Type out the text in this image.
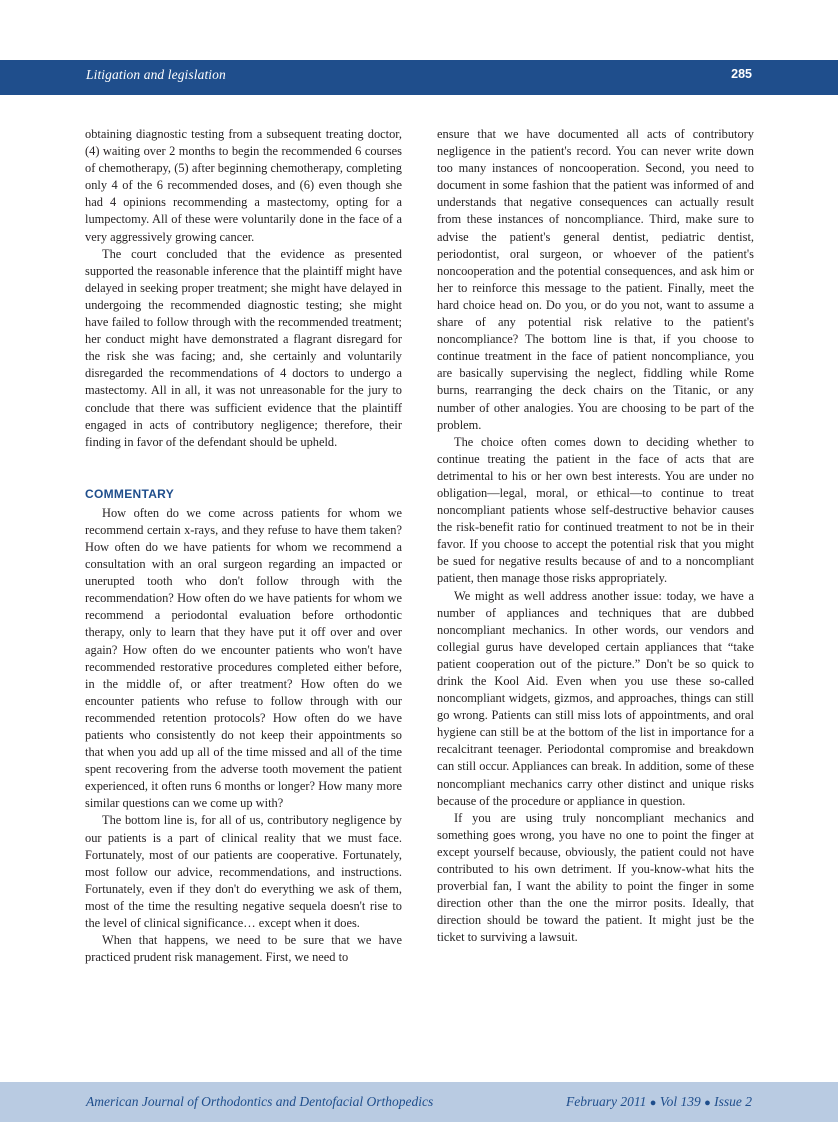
Litigation and legislation	285

obtaining diagnostic testing from a subsequent treating doctor, (4) waiting over 2 months to begin the recommended 6 courses of chemotherapy, (5) after beginning chemotherapy, completing only 4 of the 6 recommended doses, and (6) even though she had 4 opinions recommending a mastectomy, opting for a lumpectomy. All of these were voluntarily done in the face of a very aggressively growing cancer.

The court concluded that the evidence as presented supported the reasonable inference that the plaintiff might have delayed in seeking proper treatment; she might have delayed in undergoing the recommended diagnostic testing; she might have failed to follow through with the recommended treatment; her conduct might have demonstrated a flagrant disregard for the risk she was facing; and, she certainly and voluntarily disregarded the recommendations of 4 doctors to undergo a mastectomy. All in all, it was not unreasonable for the jury to conclude that there was sufficient evidence that the plaintiff engaged in acts of contributory negligence; therefore, their finding in favor of the defendant should be upheld.

COMMENTARY

How often do we come across patients for whom we recommend certain x-rays, and they refuse to have them taken? How often do we have patients for whom we recommend a consultation with an oral surgeon regarding an impacted or unerupted tooth who don't follow through with the recommendation? How often do we have patients for whom we recommend a periodontal evaluation before orthodontic therapy, only to learn that they have put it off over and over again? How often do we encounter patients who won't have recommended restorative procedures completed either before, in the middle of, or after treatment? How often do we encounter patients who refuse to follow through with our recommended retention protocols? How often do we have patients who consistently do not keep their appointments so that when you add up all of the time missed and all of the time spent recovering from the adverse tooth movement the patient experienced, it often runs 6 months or longer? How many more similar questions can we come up with?

The bottom line is, for all of us, contributory negligence by our patients is a part of clinical reality that we must face. Fortunately, most of our patients are cooperative. Fortunately, most follow our advice, recommendations, and instructions. Fortunately, even if they don't do everything we ask of them, most of the time the resulting negative sequela doesn't rise to the level of clinical significance… except when it does.

When that happens, we need to be sure that we have practiced prudent risk management. First, we need to

ensure that we have documented all acts of contributory negligence in the patient's record. You can never write down too many instances of noncooperation. Second, you need to document in some fashion that the patient was informed of and understands that negative consequences can actually result from these instances of noncompliance. Third, make sure to advise the patient's general dentist, pediatric dentist, periodontist, oral surgeon, or whoever of the patient's noncooperation and the potential consequences, and ask him or her to reinforce this message to the patient. Finally, meet the hard choice head on. Do you, or do you not, want to assume a share of any potential risk relative to the patient's noncompliance? The bottom line is that, if you choose to continue treatment in the face of patient noncompliance, you are basically supervising the neglect, fiddling while Rome burns, rearranging the deck chairs on the Titanic, or any number of other analogies. You are choosing to be part of the problem.

The choice often comes down to deciding whether to continue treating the patient in the face of acts that are detrimental to his or her own best interests. You are under no obligation—legal, moral, or ethical—to continue to treat noncompliant patients whose self-destructive behavior causes the risk-benefit ratio for continued treatment to not be in their favor. If you choose to accept the potential risk that you might be sued for negative results because of and to a noncompliant patient, then manage those risks appropriately.

We might as well address another issue: today, we have a number of appliances and techniques that are dubbed noncompliant mechanics. In other words, our vendors and collegial gurus have developed certain appliances that “take patient cooperation out of the picture.” Don't be so quick to drink the Kool Aid. Even when you use these so-called noncompliant widgets, gizmos, and approaches, things can still go wrong. Patients can still miss lots of appointments, and oral hygiene can still be at the bottom of the list in importance for a recalcitrant teenager. Periodontal compromise and breakdown can still occur. Appliances can break. In addition, some of these noncompliant mechanics carry other distinct and unique risks because of the procedure or appliance in question.

If you are using truly noncompliant mechanics and something goes wrong, you have no one to point the finger at except yourself because, obviously, the patient could not have contributed to his own detriment. If you-know-what hits the proverbial fan, I want the ability to point the finger in some direction other than the one the mirror posits. Ideally, that direction should be toward the patient. It might just be the ticket to surviving a lawsuit.

American Journal of Orthodontics and Dentofacial Orthopedics	February 2011 ● Vol 139 ● Issue 2
